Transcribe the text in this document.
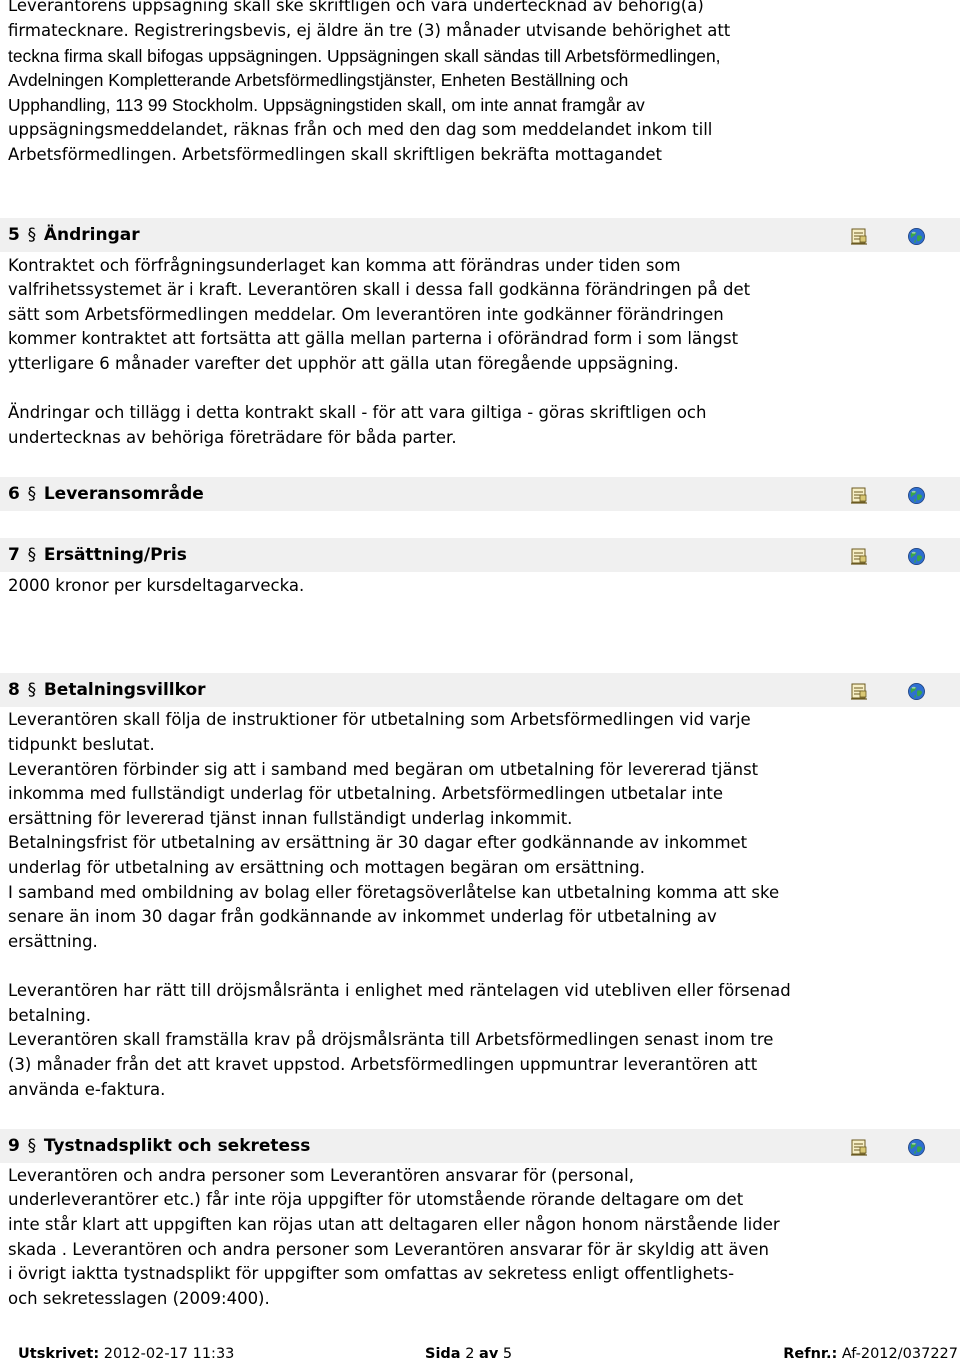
Leverantörens uppsägning skall ske skriftligen och vara undertecknad av behörig(a)
firmatecknare. Registreringsbevis, ej äldre än tre (3) månader utvisande behörighet att
teckna firma skall bifogas uppsägningen. Uppsägningen skall sändas till Arbetsförmedlingen,
Avdelningen Kompletterande Arbetsförmedlingstjänster, Enheten Beställning och
Upphandling, 113 99 Stockholm. Uppsägningstiden skall, om inte annat framgår av
uppsägningsmeddelandet, räknas från och med den dag som meddelandet inkom till
Arbetsförmedlingen. Arbetsförmedlingen skall skriftligen bekräfta mottagandet
5 § Ändringar
Kontraktet och förfrågningsunderlaget kan komma att förändras under tiden som
valfrihetssystemet är i kraft. Leverantören skall i dessa fall godkänna förändringen på det
sätt som Arbetsförmedlingen meddelar. Om leverantören inte godkänner förändringen
kommer kontraktet att fortsätta att gälla mellan parterna i oförändrad form i som längst
ytterligare 6 månader varefter det upphör att gälla utan föregående uppsägning.
Ändringar och tillägg i detta kontrakt skall - för att vara giltiga - göras skriftligen och
undertecknas av behöriga företrädare för båda parter.
6 § Leveransområde
7 § Ersättning/Pris
2000 kronor per kursdeltagarvecka.
8 § Betalningsvillkor
Leverantören skall följa de instruktioner för utbetalning som Arbetsförmedlingen vid varje
tidpunkt beslutat.
Leverantören förbinder sig att i samband med begäran om utbetalning för levererad tjänst
inkomma med fullständigt underlag för utbetalning. Arbetsförmedlingen utbetalar inte
ersättning för levererad tjänst innan fullständigt underlag inkommit.
Betalningsfrist för utbetalning av ersättning är 30 dagar efter godkännande av inkommet
underlag för utbetalning av ersättning och mottagen begäran om ersättning.
I samband med ombildning av bolag eller företagsöverlåtelse kan utbetalning komma att ske
senare än inom 30 dagar från godkännande av inkommet underlag för utbetalning av
ersättning.
Leverantören har rätt till dröjsmålsränta i enlighet med räntelagen vid utebliven eller försenad
betalning.
Leverantören skall framställa krav på dröjsmålsränta till Arbetsförmedlingen senast inom tre
(3) månader från det att kravet uppstod. Arbetsförmedlingen uppmuntrar leverantören att
använda e-faktura.
9 § Tystnadsplikt och sekretess
Leverantören och andra personer som Leverantören ansvarar för (personal,
underleverantörer etc.) får inte röja uppgifter för utomstående rörande deltagare om det
inte står klart att uppgiften kan röjas utan att deltagaren eller någon honom närstående lider
skada . Leverantören och andra personer som Leverantören ansvarar för är skyldig att även
i övrigt iaktta tystnadsplikt för uppgifter som omfattas av sekretess enligt offentlighets-
och sekretesslagen (2009:400).
Utskrivet: 2012-02-17 11:33	Sida 2 av 5	Refnr.: Af-2012/037227
